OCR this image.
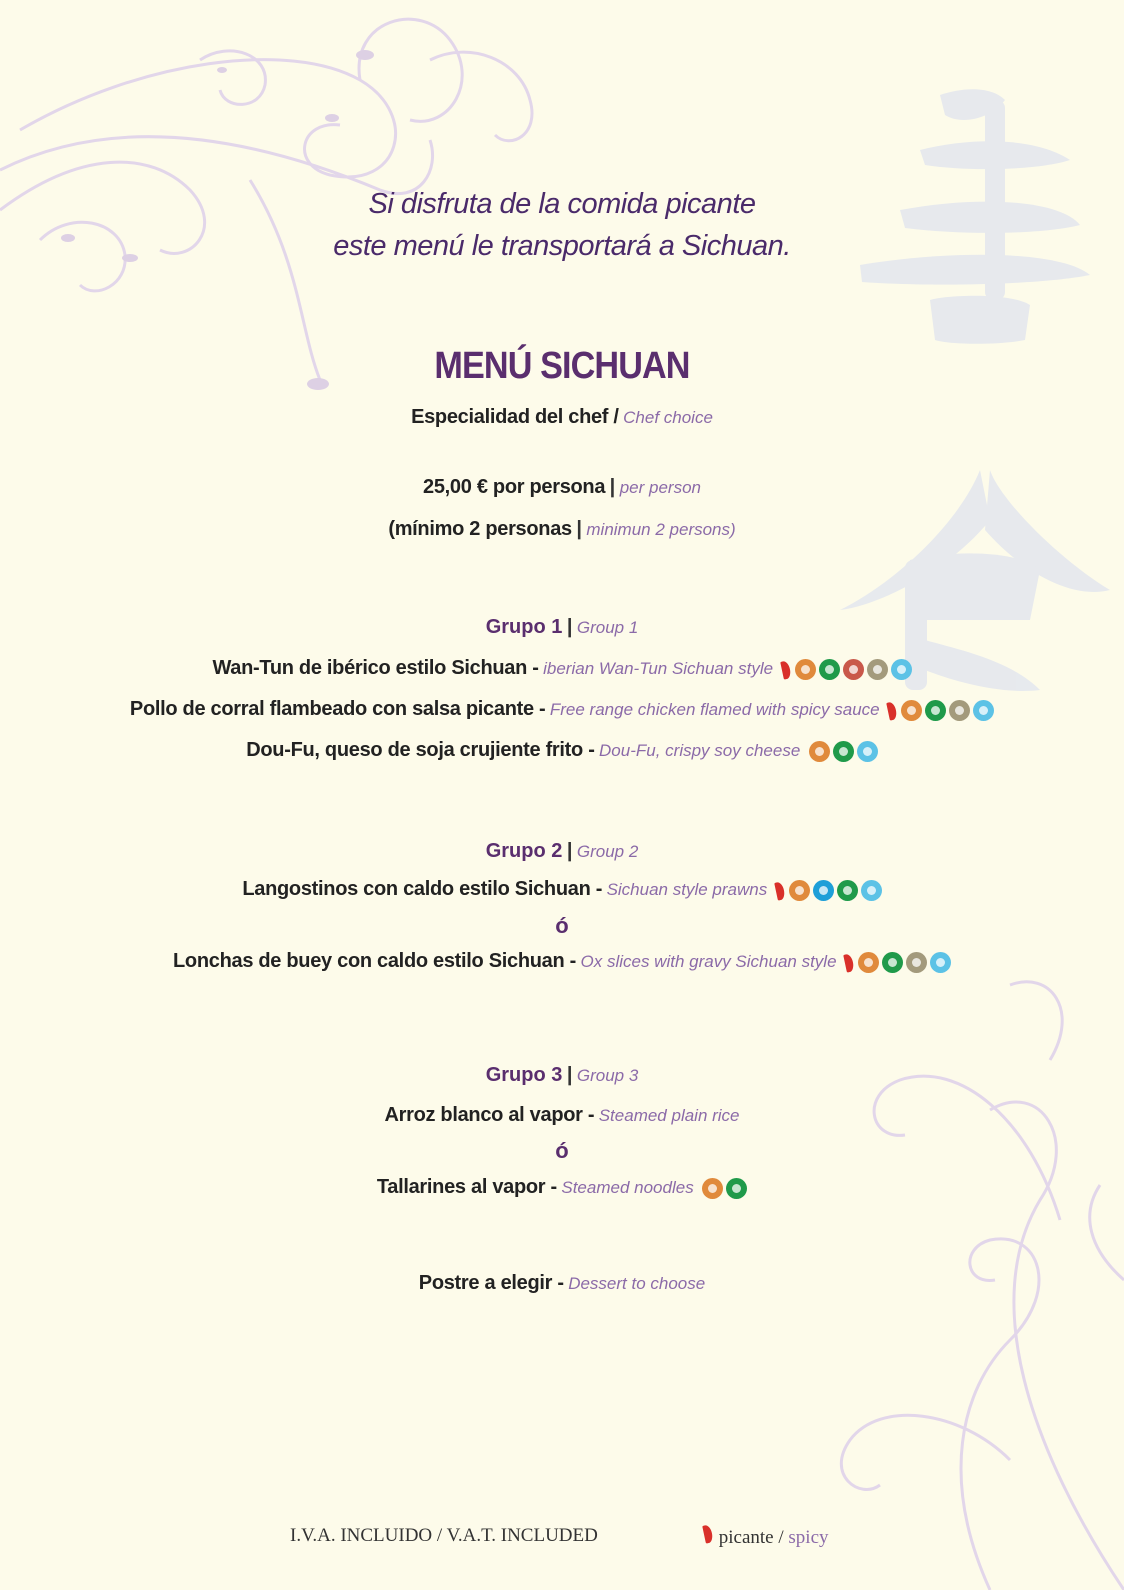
Si disfruta de la comida picante
este menú le transportará a Sichuan.
MENÚ SICHUAN
Especialidad del chef / Chef choice
25,00 € por persona | per person
(mínimo 2 personas | minimun 2 persons)
Grupo 1 | Group 1
Wan-Tun de ibérico estilo Sichuan - iberian Wan-Tun Sichuan style
Pollo de corral flambeado con salsa picante - Free range chicken flamed with spicy sauce
Dou-Fu, queso de soja crujiente frito - Dou-Fu, crispy soy cheese
Grupo 2 | Group 2
Langostinos con caldo estilo Sichuan - Sichuan style prawns
ó
Lonchas de buey con caldo estilo Sichuan - Ox slices with gravy Sichuan style
Grupo 3 | Group 3
Arroz blanco al vapor - Steamed plain rice
ó
Tallarines al vapor - Steamed noodles
Postre a elegir - Dessert to choose
I.V.A. INCLUIDO / V.A.T. INCLUDED	picante / spicy
